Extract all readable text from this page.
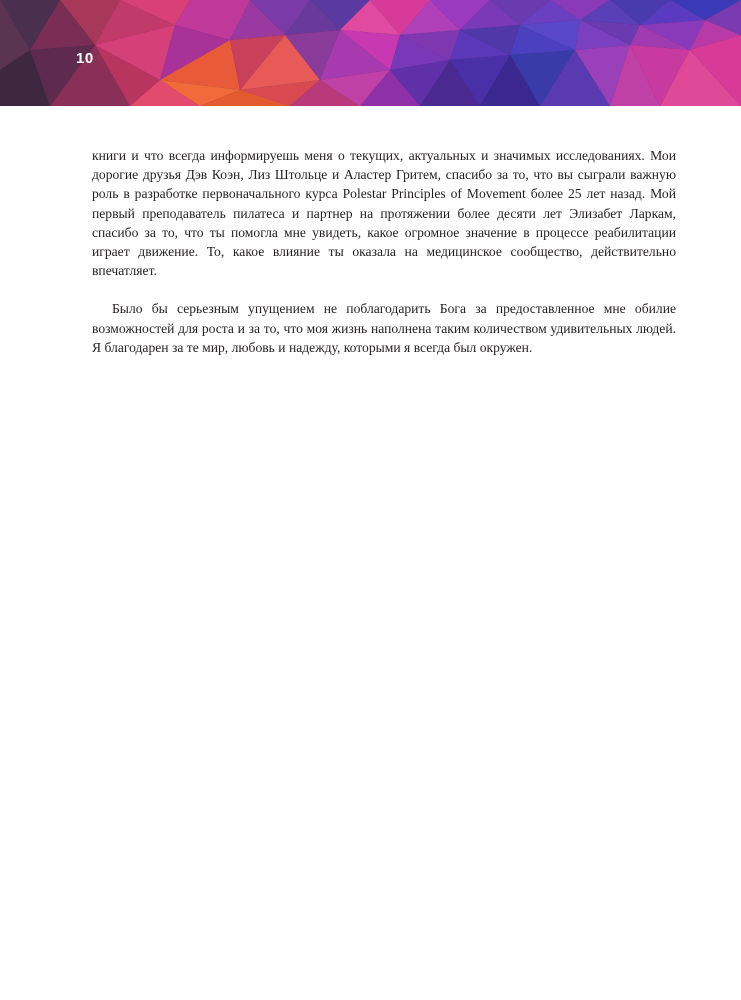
10

книги и что всегда информируешь меня о текущих, актуальных и значимых исследованиях. Мои дорогие друзья Дэв Коэн, Лиз Штольце и Аластер Гритем, спасибо за то, что вы сыграли важную роль в разработке первоначального курса Polestar Principles of Movement более 25 лет назад. Мой первый преподаватель пилатеса и партнер на протяжении более десяти лет Элизабет Ларкам, спасибо за то, что ты помогла мне увидеть, какое огромное значение в процессе реабилитации играет движение. То, какое влияние ты оказала на медицинское сообщество, действительно впечатляет.

Было бы серьезным упущением не поблагодарить Бога за предоставленное мне обилие возможностей для роста и за то, что моя жизнь наполнена таким количеством удивительных людей. Я благодарен за те мир, любовь и надежду, которыми я всегда был окружен.
